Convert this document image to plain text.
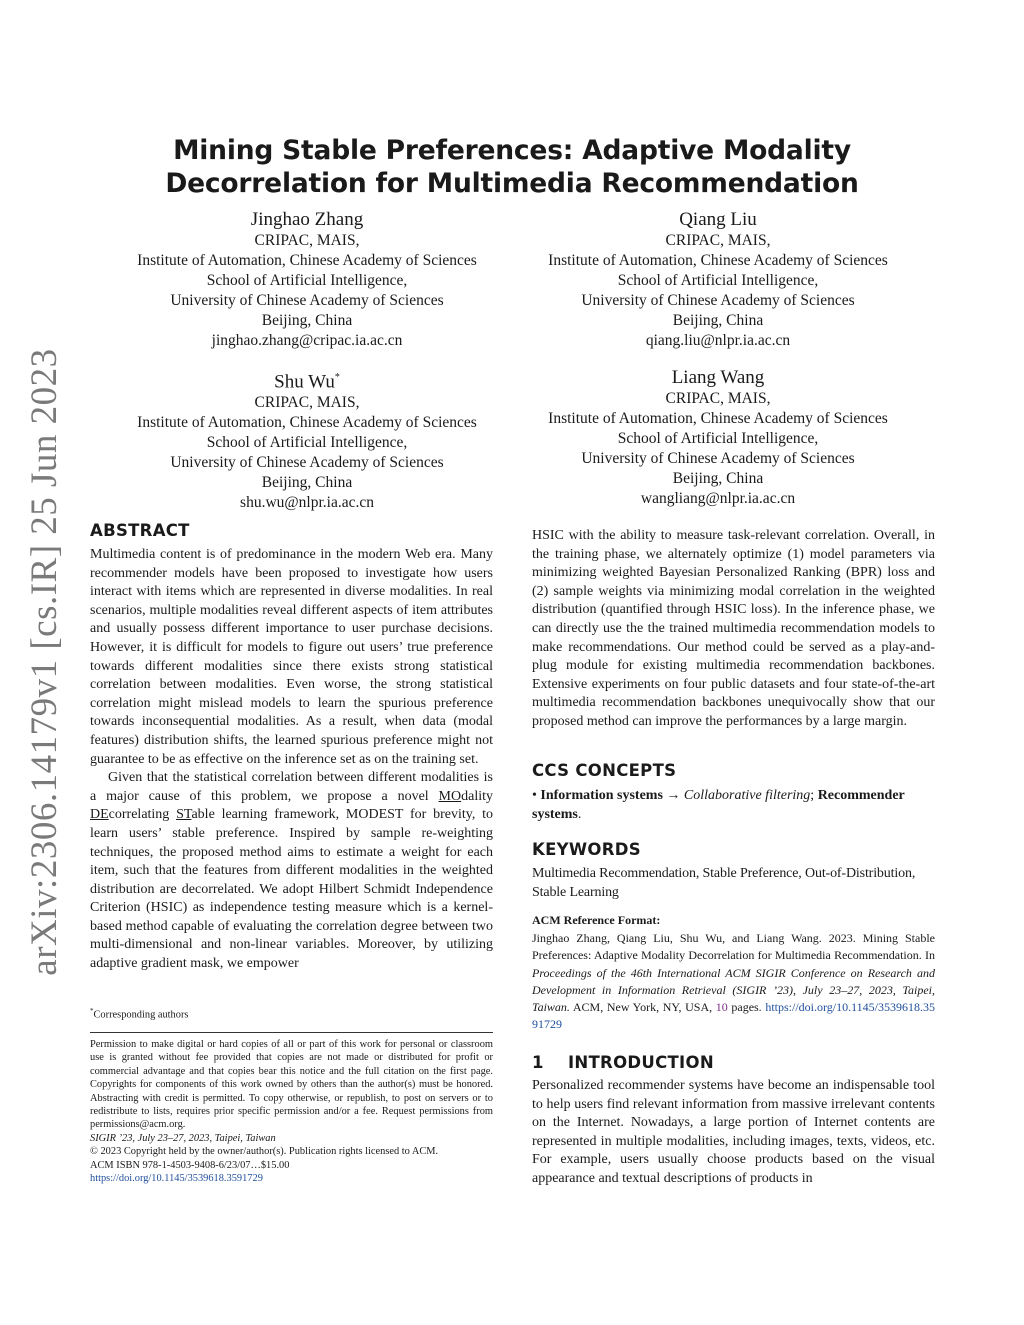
arXiv:2306.14179v1 [cs.IR] 25 Jun 2023
Mining Stable Preferences: Adaptive Modality Decorrelation for Multimedia Recommendation
Jinghao Zhang
CRIPAC, MAIS,
Institute of Automation, Chinese Academy of Sciences
School of Artificial Intelligence,
University of Chinese Academy of Sciences
Beijing, China
jinghao.zhang@cripac.ia.ac.cn
Qiang Liu
CRIPAC, MAIS,
Institute of Automation, Chinese Academy of Sciences
School of Artificial Intelligence,
University of Chinese Academy of Sciences
Beijing, China
qiang.liu@nlpr.ia.ac.cn
Shu Wu*
CRIPAC, MAIS,
Institute of Automation, Chinese Academy of Sciences
School of Artificial Intelligence,
University of Chinese Academy of Sciences
Beijing, China
shu.wu@nlpr.ia.ac.cn
Liang Wang
CRIPAC, MAIS,
Institute of Automation, Chinese Academy of Sciences
School of Artificial Intelligence,
University of Chinese Academy of Sciences
Beijing, China
wangliang@nlpr.ia.ac.cn
ABSTRACT

Multimedia content is of predominance in the modern Web era. Many recommender models have been proposed to investigate how users interact with items which are represented in diverse modalities. In real scenarios, multiple modalities reveal different aspects of item attributes and usually possess different importance to user purchase decisions. However, it is difficult for models to figure out users’ true preference towards different modalities since there exists strong statistical correlation between modalities. Even worse, the strong statistical correlation might mislead models to learn the spurious preference towards inconsequential modalities. As a result, when data (modal features) distribution shifts, the learned spurious preference might not guarantee to be as effective on the inference set as on the training set.

Given that the statistical correlation between different modalities is a major cause of this problem, we propose a novel MOdality DEcorrelating STable learning framework, MODEST for brevity, to learn users’ stable preference. Inspired by sample re-weighting techniques, the proposed method aims to estimate a weight for each item, such that the features from different modalities in the weighted distribution are decorrelated. We adopt Hilbert Schmidt Independence Criterion (HSIC) as independence testing measure which is a kernel-based method capable of evaluating the correlation degree between two multi-dimensional and non-linear variables. Moreover, by utilizing adaptive gradient mask, we empower

*Corresponding authors
Permission to make digital or hard copies of all or part of this work for personal or classroom use is granted without fee provided that copies are not made or distributed for profit or commercial advantage and that copies bear this notice and the full citation on the first page. Copyrights for components of this work owned by others than the author(s) must be honored. Abstracting with credit is permitted. To copy otherwise, or republish, to post on servers or to redistribute to lists, requires prior specific permission and/or a fee. Request permissions from permissions@acm.org.
SIGIR ’23, July 23–27, 2023, Taipei, Taiwan
© 2023 Copyright held by the owner/author(s). Publication rights licensed to ACM.
ACM ISBN 978-1-4503-9408-6/23/07…$15.00
https://doi.org/10.1145/3539618.3591729

HSIC with the ability to measure task-relevant correlation. Overall, in the training phase, we alternately optimize (1) model parameters via minimizing weighted Bayesian Personalized Ranking (BPR) loss and (2) sample weights via minimizing modal correlation in the weighted distribution (quantified through HSIC loss). In the inference phase, we can directly use the the trained multimedia recommendation models to make recommendations. Our method could be served as a play-and-plug module for existing multimedia recommendation backbones. Extensive experiments on four public datasets and four state-of-the-art multimedia recommendation backbones unequivocally show that our proposed method can improve the performances by a large margin.

CCS CONCEPTS
• Information systems → Collaborative filtering; Recommender systems.
KEYWORDS
Multimedia Recommendation, Stable Preference, Out-of-Distribution, Stable Learning
ACM Reference Format:
Jinghao Zhang, Qiang Liu, Shu Wu, and Liang Wang. 2023. Mining Stable Preferences: Adaptive Modality Decorrelation for Multimedia Recommendation. In Proceedings of the 46th International ACM SIGIR Conference on Research and Development in Information Retrieval (SIGIR ’23), July 23–27, 2023, Taipei, Taiwan. ACM, New York, NY, USA, 10 pages. https://doi.org/10.1145/3539618.3591729
1    INTRODUCTION
Personalized recommender systems have become an indispensable tool to help users find relevant information from massive irrelevant contents on the Internet. Nowadays, a large portion of Internet contents are represented in multiple modalities, including images, texts, videos, etc. For example, users usually choose products based on the visual appearance and textual descriptions of products in
